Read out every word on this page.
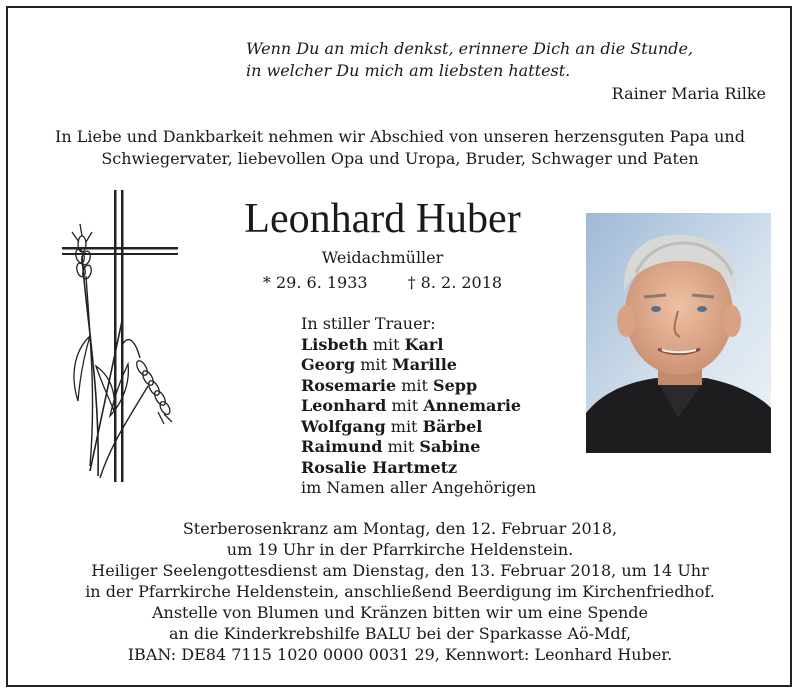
Wenn Du an mich denkst, erinnere Dich an die Stunde,
in welcher Du mich am liebsten hattest.
Rainer Maria Rilke
In Liebe und Dankbarkeit nehmen wir Abschied von unseren herzensguten Papa und
Schwiegervater, liebevollen Opa und Uropa, Bruder, Schwager und Paten
Leonhard Huber
Weidachmüller
* 29. 6. 1933	† 8. 2. 2018
In stiller Trauer:
Lisbeth mit Karl
Georg mit Marille
Rosemarie mit Sepp
Leonhard mit Annemarie
Wolfgang mit Bärbel
Raimund mit Sabine
Rosalie Hartmetz
im Namen aller Angehörigen
Sterberosenkranz am Montag, den 12. Februar 2018,
um 19 Uhr in der Pfarrkirche Heldenstein.
Heiliger Seelengottesdienst am Dienstag, den 13. Februar 2018, um 14 Uhr
in der Pfarrkirche Heldenstein, anschließend Beerdigung im Kirchenfriedhof.
Anstelle von Blumen und Kränzen bitten wir um eine Spende
an die Kinderkrebshilfe BALU bei der Sparkasse Aö-Mdf,
IBAN: DE84 7115 1020 0000 0031 29, Kennwort: Leonhard Huber.
